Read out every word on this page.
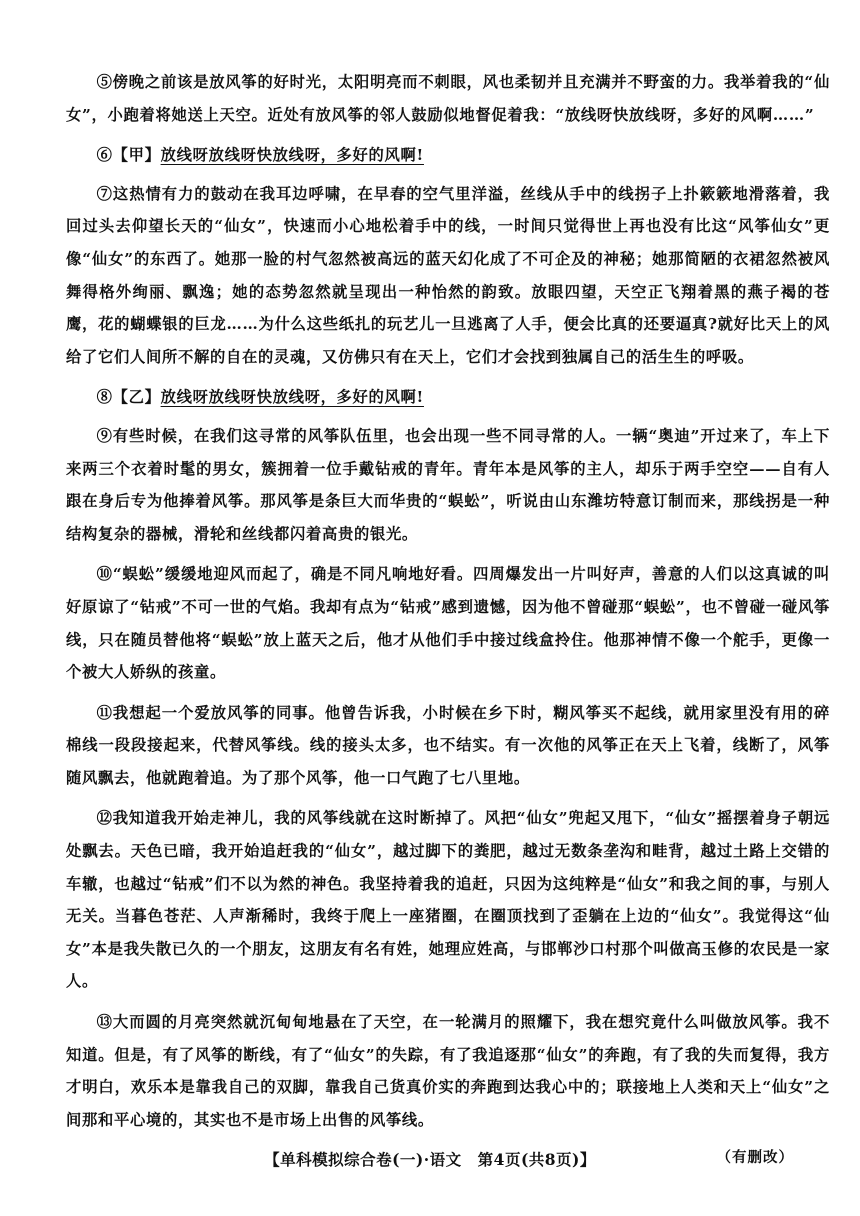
⑤傍晚之前该是放风筝的好时光，太阳明亮而不刺眼，风也柔韧并且充满并不野蛮的力。我举着我的“仙女”，小跑着将她送上天空。近处有放风筝的邻人鼓励似地督促着我：“放线呀快放线呀，多好的风啊……”

⑥【甲】放线呀放线呀快放线呀，多好的风啊!

⑦这热情有力的鼓动在我耳边呼啸，在早春的空气里洋溢，丝线从手中的线拐子上扑簌簌地滑落着，我回过头去仰望长天的“仙女”，快速而小心地松着手中的线，一时间只觉得世上再也没有比这“风筝仙女”更像“仙女”的东西了。她那一脸的村气忽然被高远的蓝天幻化成了不可企及的神秘；她那简陋的衣裙忽然被风舞得格外绚丽、飘逸；她的态势忽然就呈现出一种怡然的韵致。放眼四望，天空正飞翔着黑的燕子褐的苍鹰，花的蝴蝶银的巨龙……为什么这些纸扎的玩艺儿一旦逃离了人手，便会比真的还要逼真?就好比天上的风给了它们人间所不解的自在的灵魂，又仿佛只有在天上，它们才会找到独属自己的活生生的呼吸。

⑧【乙】放线呀放线呀快放线呀，多好的风啊!

⑨有些时候，在我们这寻常的风筝队伍里，也会出现一些不同寻常的人。一辆“奥迪”开过来了，车上下来两三个衣着时髦的男女，簇拥着一位手戴钻戒的青年。青年本是风筝的主人，却乐于两手空空——自有人跟在身后专为他捧着风筝。那风筝是条巨大而华贵的“蜈蚣”，听说由山东潍坊特意订制而来，那线拐是一种结构复杂的器械，滑轮和丝线都闪着高贵的银光。

⑩“蜈蚣”缓缓地迎风而起了，确是不同凡响地好看。四周爆发出一片叫好声，善意的人们以这真诚的叫好原谅了“钻戒”不可一世的气焰。我却有点为“钻戒”感到遗憾，因为他不曾碰那“蜈蚣”，也不曾碰一碰风筝线，只在随员替他将“蜈蚣”放上蓝天之后，他才从他们手中接过线盒拎住。他那神情不像一个舵手，更像一个被大人娇纵的孩童。

⑪我想起一个爱放风筝的同事。他曾告诉我，小时候在乡下时，糊风筝买不起线，就用家里没有用的碎棉线一段段接起来，代替风筝线。线的接头太多，也不结实。有一次他的风筝正在天上飞着，线断了，风筝随风飘去，他就跑着追。为了那个风筝，他一口气跑了七八里地。

⑫我知道我开始走神儿，我的风筝线就在这时断掉了。风把“仙女”兜起又甩下，“仙女”摇摆着身子朝远处飘去。天色已暗，我开始追赶我的“仙女”，越过脚下的粪肥，越过无数条垄沟和畦背，越过土路上交错的车辙，也越过“钻戒”们不以为然的神色。我坚持着我的追赶，只因为这纯粹是“仙女”和我之间的事，与别人无关。当暮色苍茫、人声渐稀时，我终于爬上一座猪圈，在圈顶找到了歪躺在上边的“仙女”。我觉得这“仙女”本是我失散已久的一个朋友，这朋友有名有姓，她理应姓高，与邯郸沙口村那个叫做高玉修的农民是一家人。

⑬大而圆的月亮突然就沉甸甸地悬在了天空，在一轮满月的照耀下，我在想究竟什么叫做放风筝。我不知道。但是，有了风筝的断线，有了“仙女”的失踪，有了我追逐那“仙女”的奔跑，有了我的失而复得，我方才明白，欢乐本是靠我自己的双脚，靠我自己货真价实的奔跑到达我心中的；联接地上人类和天上“仙女”之间那和平心境的，其实也不是市场上出售的风筝线。

（有删改）

【单科模拟综合卷(一)·语文　第4页(共8页)】
